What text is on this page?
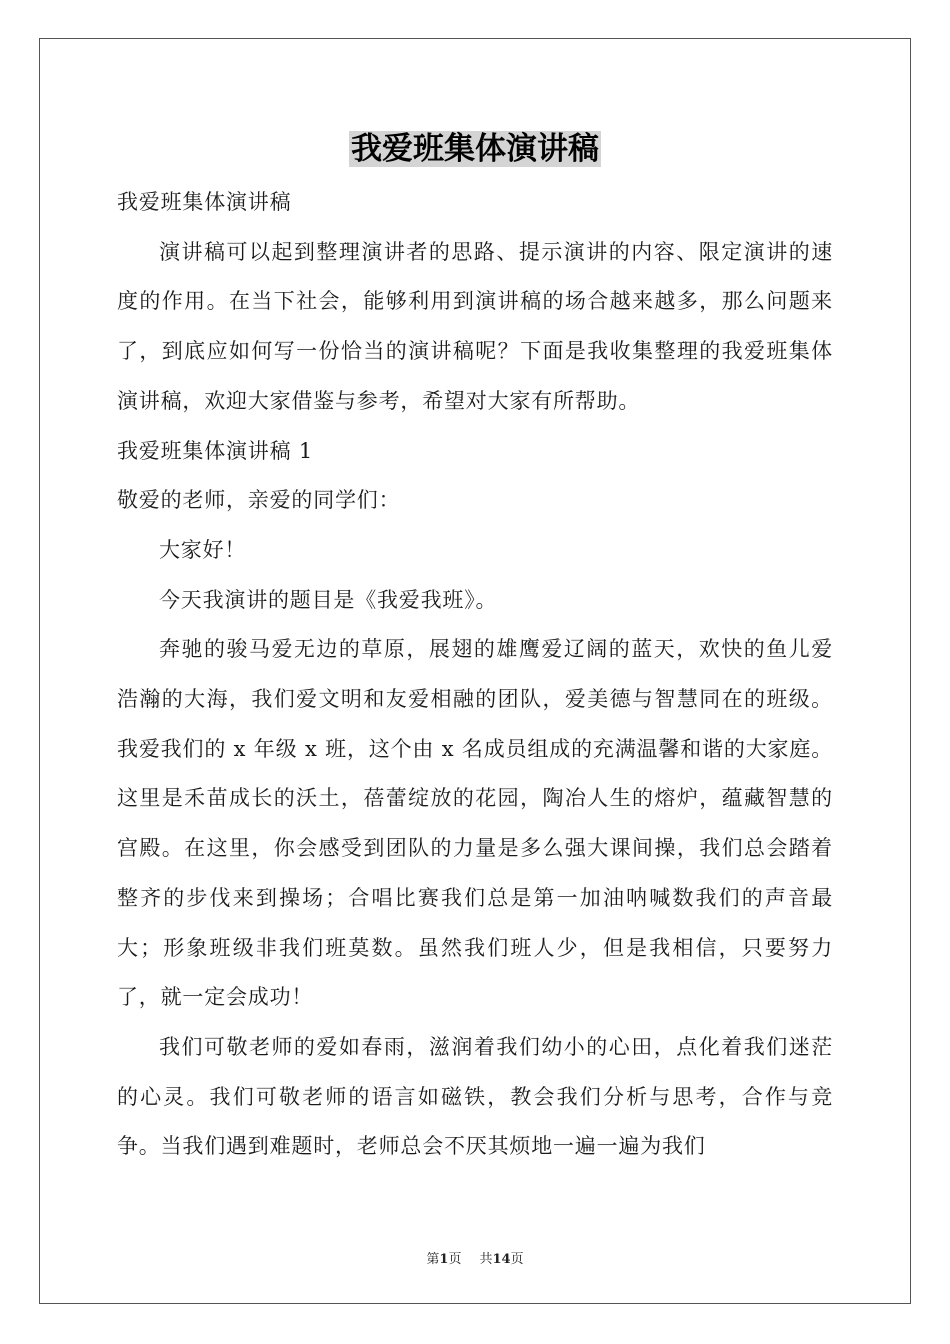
我爱班集体演讲稿

我爱班集体演讲稿

演讲稿可以起到整理演讲者的思路、提示演讲的内容、限定演讲的速度的作用。在当下社会，能够利用到演讲稿的场合越来越多，那么问题来了，到底应如何写一份恰当的演讲稿呢？下面是我收集整理的我爱班集体演讲稿，欢迎大家借鉴与参考，希望对大家有所帮助。

我爱班集体演讲稿 1

敬爱的老师，亲爱的同学们：

大家好！

今天我演讲的题目是《我爱我班》。

奔驰的骏马爱无边的草原，展翅的雄鹰爱辽阔的蓝天，欢快的鱼儿爱浩瀚的大海，我们爱文明和友爱相融的团队，爱美德与智慧同在的班级。我爱我们的 x 年级 x 班，这个由 x 名成员组成的充满温馨和谐的大家庭。这里是禾苗成长的沃土，蓓蕾绽放的花园，陶冶人生的熔炉，蕴藏智慧的宫殿。在这里，你会感受到团队的力量是多么强大课间操，我们总会踏着整齐的步伐来到操场；合唱比赛我们总是第一加油呐喊数我们的声音最大；形象班级非我们班莫数。虽然我们班人少，但是我相信，只要努力了，就一定会成功！

我们可敬老师的爱如春雨，滋润着我们幼小的心田，点化着我们迷茫的心灵。我们可敬老师的语言如磁铁，教会我们分析与思考，合作与竞争。当我们遇到难题时，老师总会不厌其烦地一遍一遍为我们

第1页 共14页
